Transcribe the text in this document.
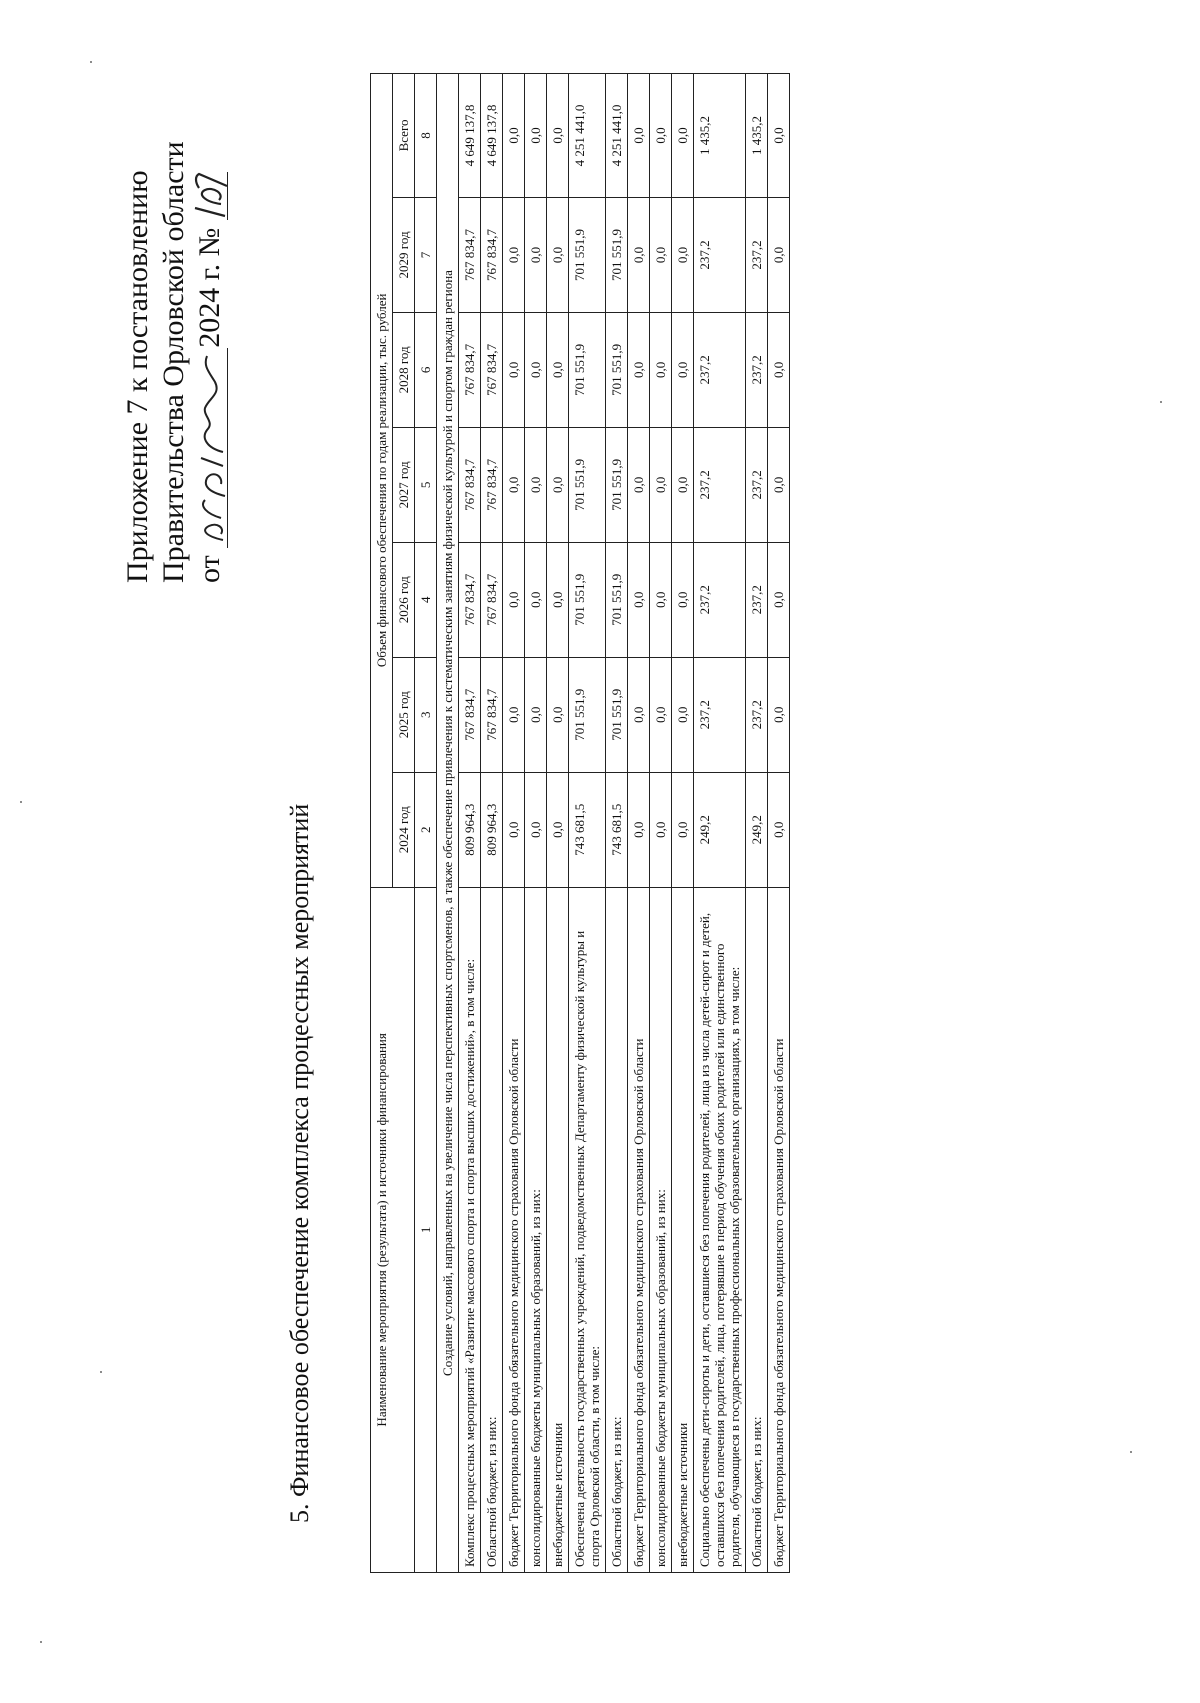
Приложение 7 к постановлению Правительства Орловской области от

2024 г. №

5. Финансовое обеспечение комплекса процессных мероприятий	Наименование мероприятия (результата) и источники финансирования	Объем финансового обеспечения по годам реализации, тыс. рублей						
	2024 год	2025 год	2026 год	2027 год	2028 год	2029 год	Всего
1	2	3	4	5	6	7	8
Создание условий, направленных на увеличение числа перспективных спортсменов, а также обеспечение привлечения к систематическим занятиям физической культурой и спортом граждан региона							
Комплекс процессных мероприятий «Развитие массового спорта и спорта высших достижений», в том числе:	809 964,3	767 834,7	767 834,7	767 834,7	767 834,7	767 834,7	4 649 137,8
Областной бюджет, из них:	809 964,3	767 834,7	767 834,7	767 834,7	767 834,7	767 834,7	4 649 137,8
бюджет Территориального фонда обязательного медицинского страхования Орловской области	0,0	0,0	0,0	0,0	0,0	0,0	0,0
консолидированные бюджеты муниципальных образований, из них:	0,0	0,0	0,0	0,0	0,0	0,0	0,0
внебюджетные источники	0,0	0,0	0,0	0,0	0,0	0,0	0,0
Обеспечена деятельность государственных учреждений, подведомственных Департаменту физической культуры и спорта Орловской области, в том числе:	743 681,5	701 551,9	701 551,9	701 551,9	701 551,9	701 551,9	4 251 441,0
Областной бюджет, из них:	743 681,5	701 551,9	701 551,9	701 551,9	701 551,9	701 551,9	4 251 441,0
бюджет Территориального фонда обязательного медицинского страхования Орловской области	0,0	0,0	0,0	0,0	0,0	0,0	0,0
консолидированные бюджеты муниципальных образований, из них:	0,0	0,0	0,0	0,0	0,0	0,0	0,0
внебюджетные источники	0,0	0,0	0,0	0,0	0,0	0,0	0,0
Социально обеспечены дети-сироты и дети, оставшиеся без попечения родителей, лица из числа детей-сирот и детей, оставшихся без попечения родителей, лица, потерявшие в период обучения обоих родителей или единственного родителя, обучающиеся в государственных профессиональных образовательных организациях, в том числе:	249,2	237,2	237,2	237,2	237,2	237,2	1 435,2
Областной бюджет, из них:	249,2	237,2	237,2	237,2	237,2	237,2	1 435,2
бюджет Территориального фонда обязательного медицинского страхования Орловской области	0,0	0,0	0,0	0,0	0,0	0,0	0,0
